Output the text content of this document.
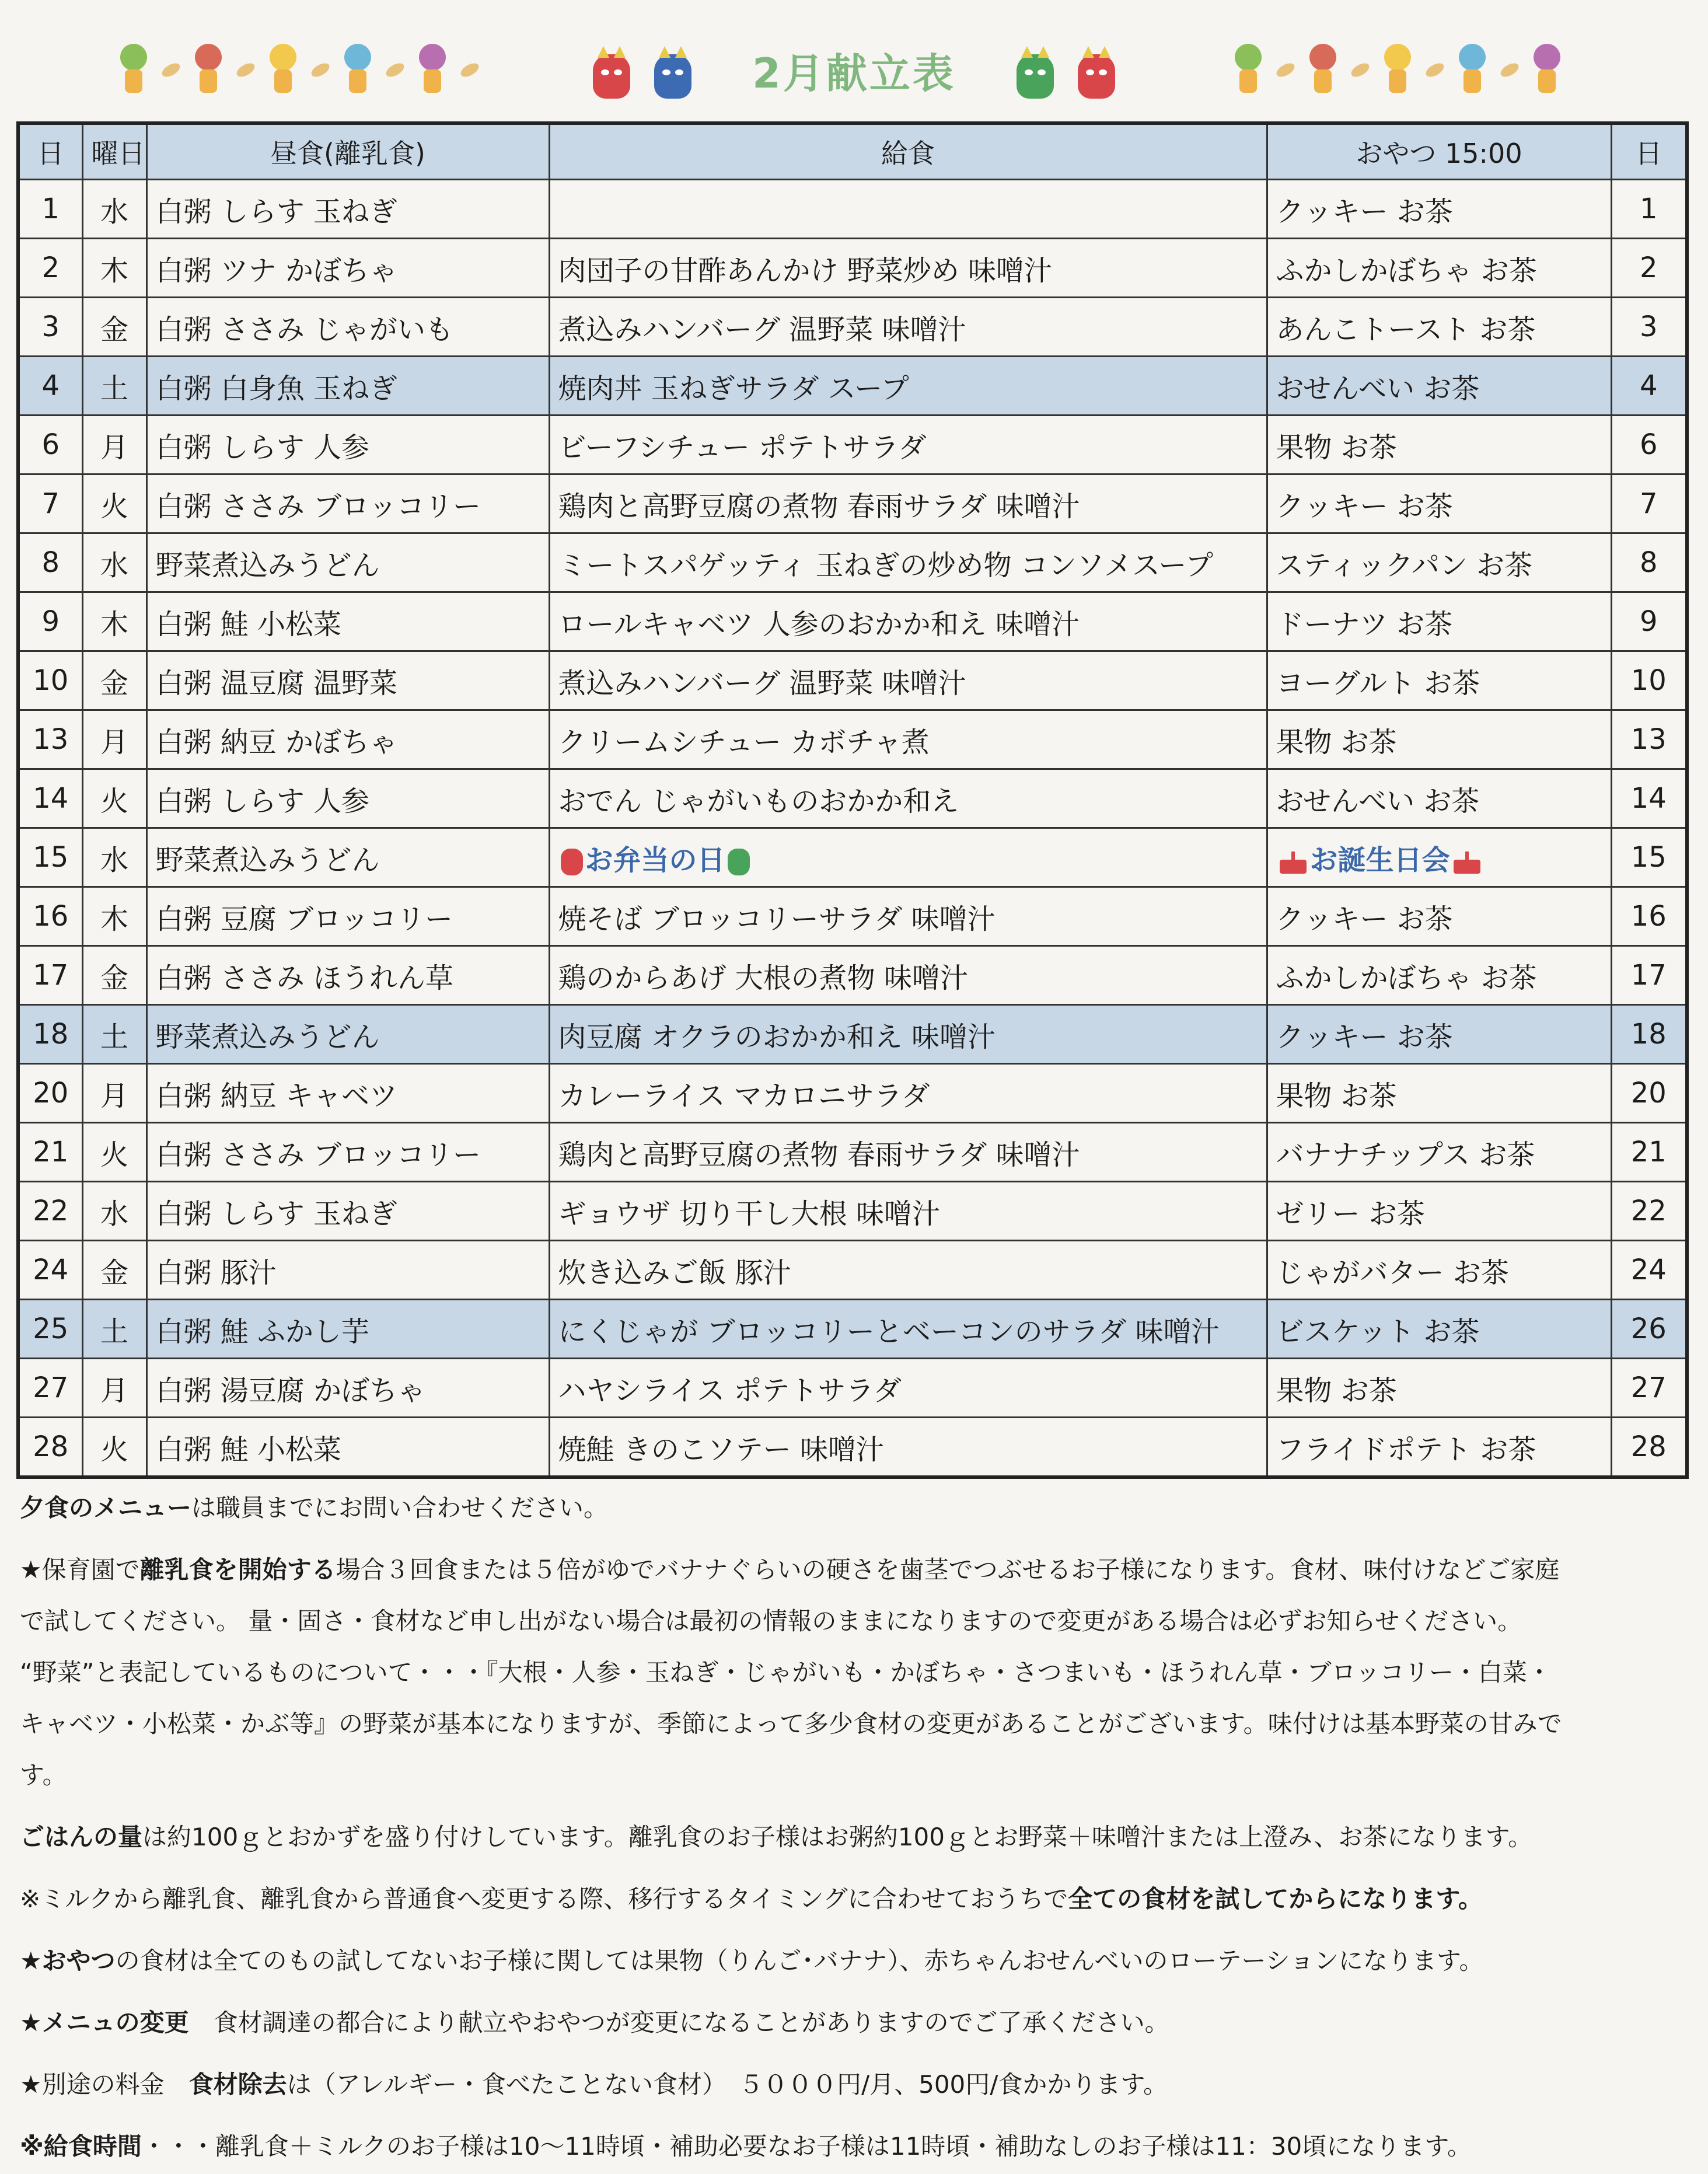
2月献立表

日	曜日	昼食(離乳食)	給食	おやつ 15:00	日
1	水	白粥 しらす 玉ねぎ		クッキー お茶	1
2	木	白粥 ツナ かぼちゃ	肉団子の甘酢あんかけ 野菜炒め 味噌汁	ふかしかぼちゃ お茶	2
3	金	白粥 ささみ じゃがいも	煮込みハンバーグ 温野菜 味噌汁	あんこトースト お茶	3
4	土	白粥 白身魚 玉ねぎ	焼肉丼 玉ねぎサラダ スープ	おせんべい お茶	4
6	月	白粥 しらす 人参	ビーフシチュー ポテトサラダ	果物 お茶	6
7	火	白粥 ささみ ブロッコリー	鶏肉と高野豆腐の煮物 春雨サラダ 味噌汁	クッキー お茶	7
8	水	野菜煮込みうどん	ミートスパゲッティ 玉ねぎの炒め物 コンソメスープ	スティックパン お茶	8
9	木	白粥 鮭 小松菜	ロールキャベツ 人参のおかか和え 味噌汁	ドーナツ お茶	9
10	金	白粥 温豆腐 温野菜	煮込みハンバーグ 温野菜 味噌汁	ヨーグルト お茶	10
13	月	白粥 納豆 かぼちゃ	クリームシチュー カボチャ煮	果物 お茶	13
14	火	白粥 しらす 人参	おでん じゃがいものおかか和え	おせんべい お茶	14
15	水	野菜煮込みうどん	お弁当の日	お誕生日会	15
16	木	白粥 豆腐 ブロッコリー	焼そば ブロッコリーサラダ 味噌汁	クッキー お茶	16
17	金	白粥 ささみ ほうれん草	鶏のからあげ 大根の煮物 味噌汁	ふかしかぼちゃ お茶	17
18	土	野菜煮込みうどん	肉豆腐 オクラのおかか和え 味噌汁	クッキー お茶	18
20	月	白粥 納豆 キャベツ	カレーライス マカロニサラダ	果物 お茶	20
21	火	白粥 ささみ ブロッコリー	鶏肉と高野豆腐の煮物 春雨サラダ 味噌汁	バナナチップス お茶	21
22	水	白粥 しらす 玉ねぎ	ギョウザ 切り干し大根 味噌汁	ゼリー お茶	22
24	金	白粥 豚汁	炊き込みご飯 豚汁	じゃがバター お茶	24
25	土	白粥 鮭 ふかし芋	にくじゃが ブロッコリーとベーコンのサラダ 味噌汁	ビスケット お茶	26
27	月	白粥 湯豆腐 かぼちゃ	ハヤシライス ポテトサラダ	果物 お茶	27
28	火	白粥 鮭 小松菜	焼鮭 きのこソテー 味噌汁	フライドポテト お茶	28

夕食のメニューは職員までにお問い合わせください。

★保育園で離乳食を開始する場合３回食または５倍がゆでバナナぐらいの硬さを歯茎でつぶせるお子様になります。食材、味付けなどご家庭

で試してください。 量・固さ・食材など申し出がない場合は最初の情報のままになりますので変更がある場合は必ずお知らせください。

“野菜”と表記しているものについて・・・『大根・人参・玉ねぎ・じゃがいも・かぼちゃ・さつまいも・ほうれん草・ブロッコリー・白菜・

キャベツ・小松菜・かぶ等』の野菜が基本になりますが、季節によって多少食材の変更があることがございます。味付けは基本野菜の甘みで

す。

ごはんの量は約100ｇとおかずを盛り付けしています。離乳食のお子様はお粥約100ｇとお野菜＋味噌汁または上澄み、お茶になります。

※ミルクから離乳食、離乳食から普通食へ変更する際、移行するタイミングに合わせておうちで全ての食材を試してからになります。

★おやつの食材は全てのもの試してないお子様に関しては果物（りんご･バナナ）、赤ちゃんおせんべいのローテーションになります。

★メニュの変更　食材調達の都合により献立やおやつが変更になることがありますのでご了承ください。

★別途の料金　食材除去は（アレルギー・食べたことない食材）　５０００円/月、500円/食かかります。

※給食時間・・・離乳食＋ミルクのお子様は10～11時頃・補助必要なお子様は11時頃・補助なしのお子様は11：30頃になります。
